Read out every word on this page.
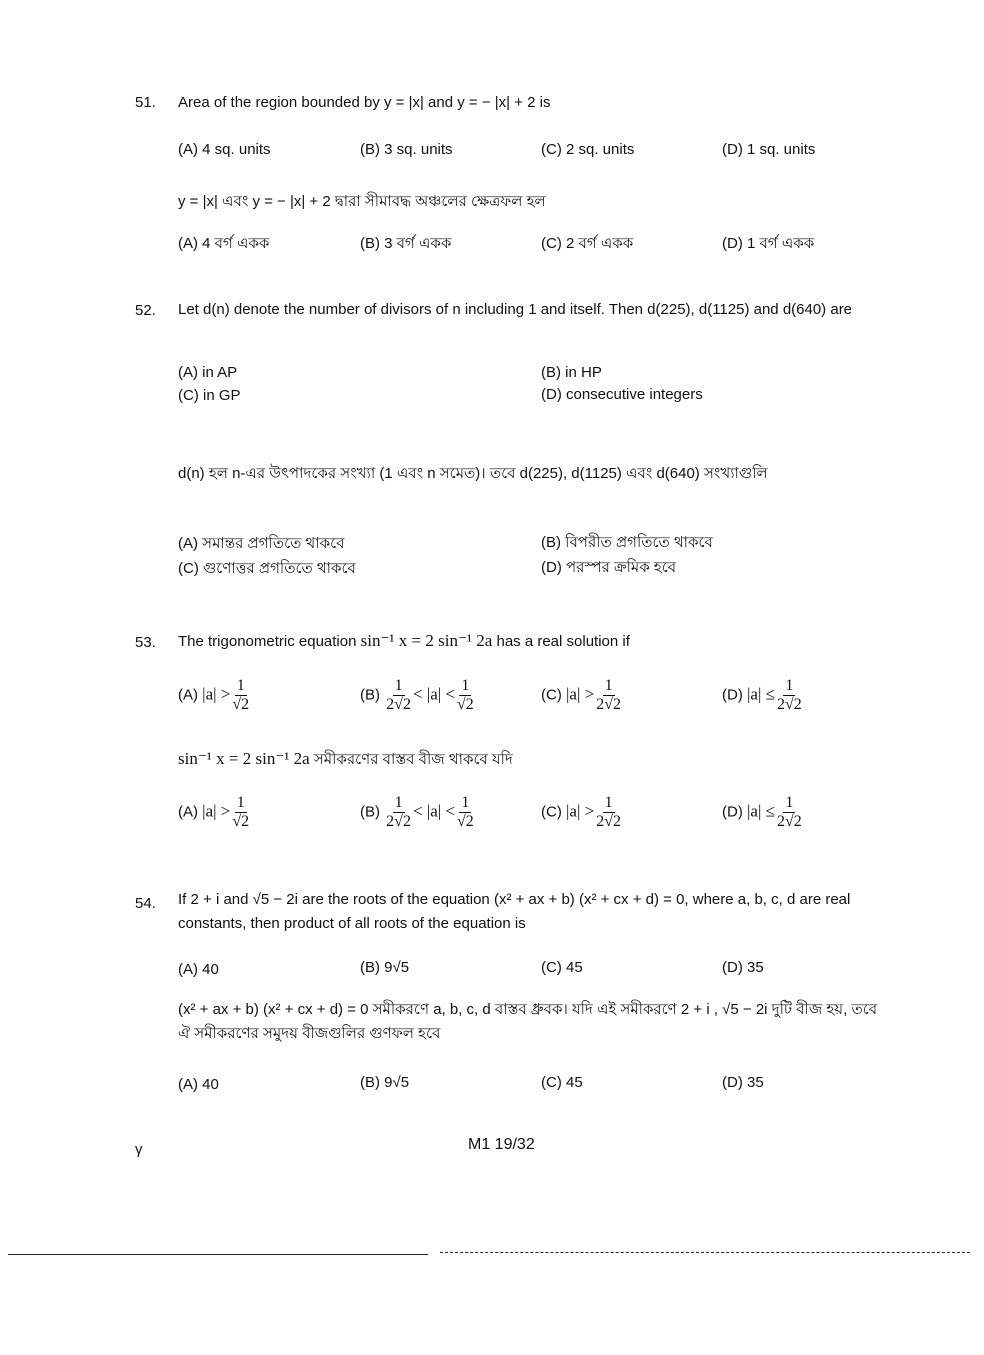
51. Area of the region bounded by y = |x| and y = − |x| + 2 is
(A) 4 sq. units	(B) 3 sq. units	(C) 2 sq. units	(D) 1 sq. units
y = |x| এবং y = − |x| + 2 দ্বারা সীমাবদ্ধ অঞ্চলের ক্ষেত্রফল হল
(A) 4 বর্গ একক	(B) 3 বর্গ একক	(C) 2 বর্গ একক	(D) 1 বর্গ একক
52. Let d(n) denote the number of divisors of n including 1 and itself. Then d(225), d(1125) and d(640) are
(A) in AP	(B) in HP
(C) in GP	(D) consecutive integers
d(n) হল n-এর উৎপাদকের সংখ্যা (1 এবং n সমেত)। তবে d(225), d(1125) এবং d(640) সংখ্যাগুলি
(A) সমান্তর প্রগতিতে থাকবে	(B) বিপরীত প্রগতিতে থাকবে
(C) গুণোত্তর প্রগতিতে থাকবে	(D) পরস্পর ক্রমিক হবে
53. The trigonometric equation sin⁻¹ x = 2 sin⁻¹ 2a has a real solution if
(A) $|a| > \frac{1}{√2}$	$(B) \frac{1}{2√2} < |a| < \frac{1}{√2}$	(C) $|a| > \frac{1}{2√2}$	(D) $|a| \le \frac{1}{2√2}$
sin⁻¹ x = 2 sin⁻¹ 2a সমীকরণের বাস্তব বীজ থাকবে যদি
(A) $|a| > \frac{1}{√2}$	$(B) \frac{1}{2√2} < |a| < \frac{1}{√2}$	(C) $|a| > \frac{1}{2√2}$	(D) $|a| \le \frac{1}{2√2}$
54. If 2 + i and √5 − 2i are the roots of the equation (x² + ax + b) (x² + cx + d) = 0, where a, b, c, d are real constants, then product of all roots of the equation is
(A) 40	(B) 9√5	(C) 45	(D) 35
(x² + ax + b) (x² + cx + d) = 0 সমীকরণে a, b, c, d বাস্তব ধ্রুবক। যদি এই সমীকরণে 2 + i , √5 − 2i দুটি বীজ হয়, তবে ঐ সমীকরণের সমুদয় বীজগুলির গুণফল হবে
(A) 40	(B) 9√5	(C) 45	(D) 35
γ	M1 19/32
